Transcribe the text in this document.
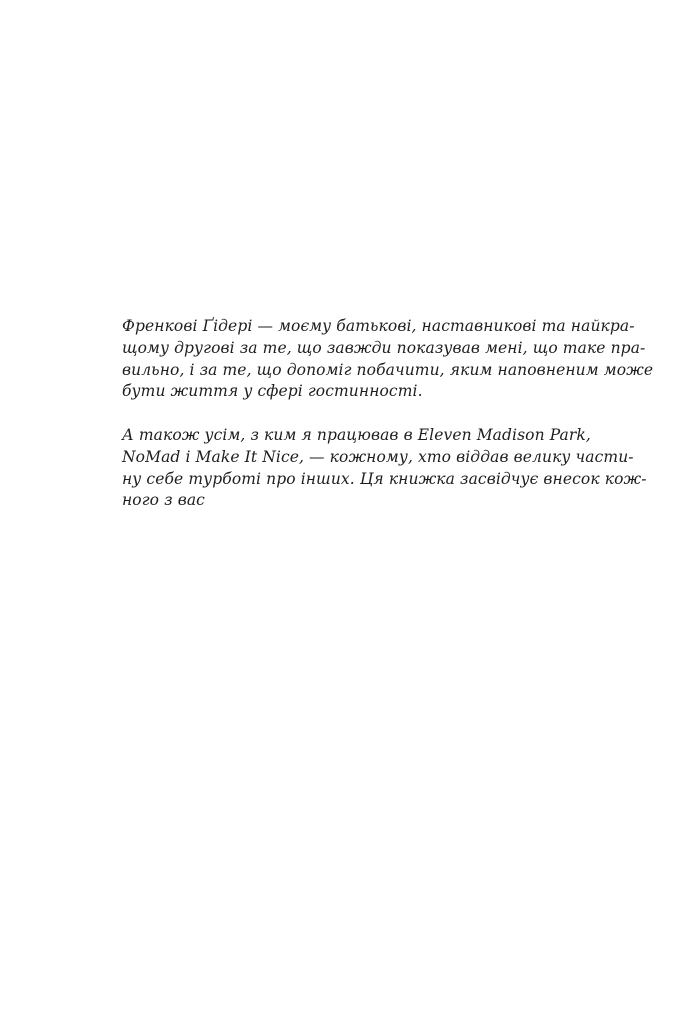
Френкові Ґідері — моєму батькові, наставникові та найкра-
щому другові за те, що завжди показував мені, що таке пра-
вильно, і за те, що допоміг побачити, яким наповненим може
бути життя у сфері гостинності.
А також усім, з ким я працював в Eleven Madison Park,
NoMad і Make It Nice, — кожному, хто віддав велику части-
ну себе турботі про інших. Ця книжка засвідчує внесок кож-
ного з вас
